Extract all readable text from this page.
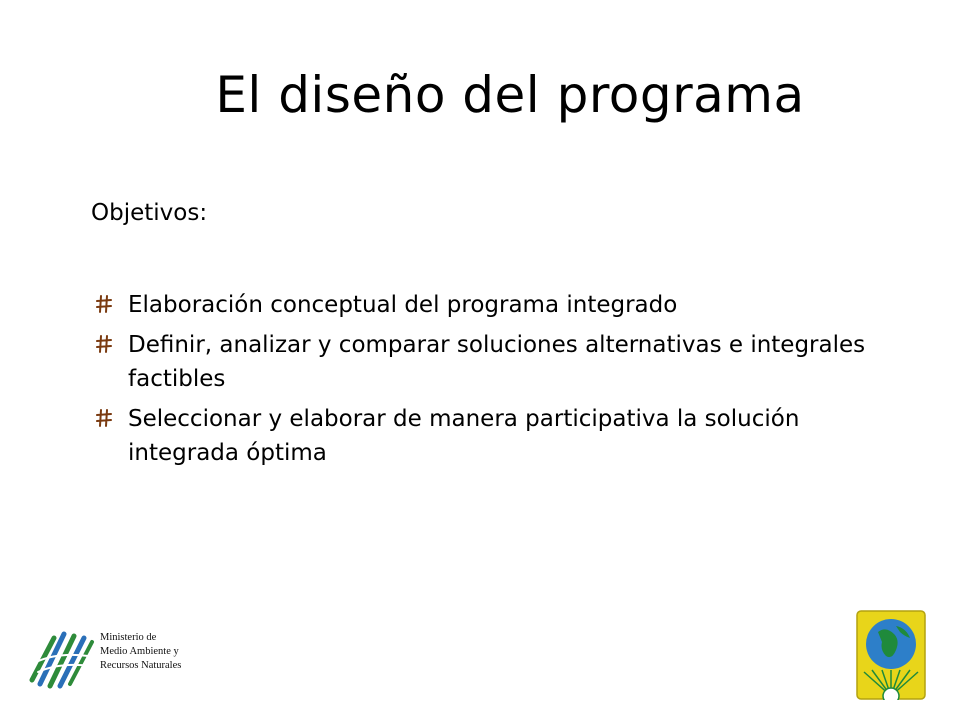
El diseño del programa

Objetivos:

Elaboración conceptual del programa integrado
Definir, analizar y comparar soluciones alternativas e integrales factibles
Seleccionar y elaborar de manera participativa la solución integrada óptima
Ministerio de
Medio Ambiente y
Recursos Naturales
